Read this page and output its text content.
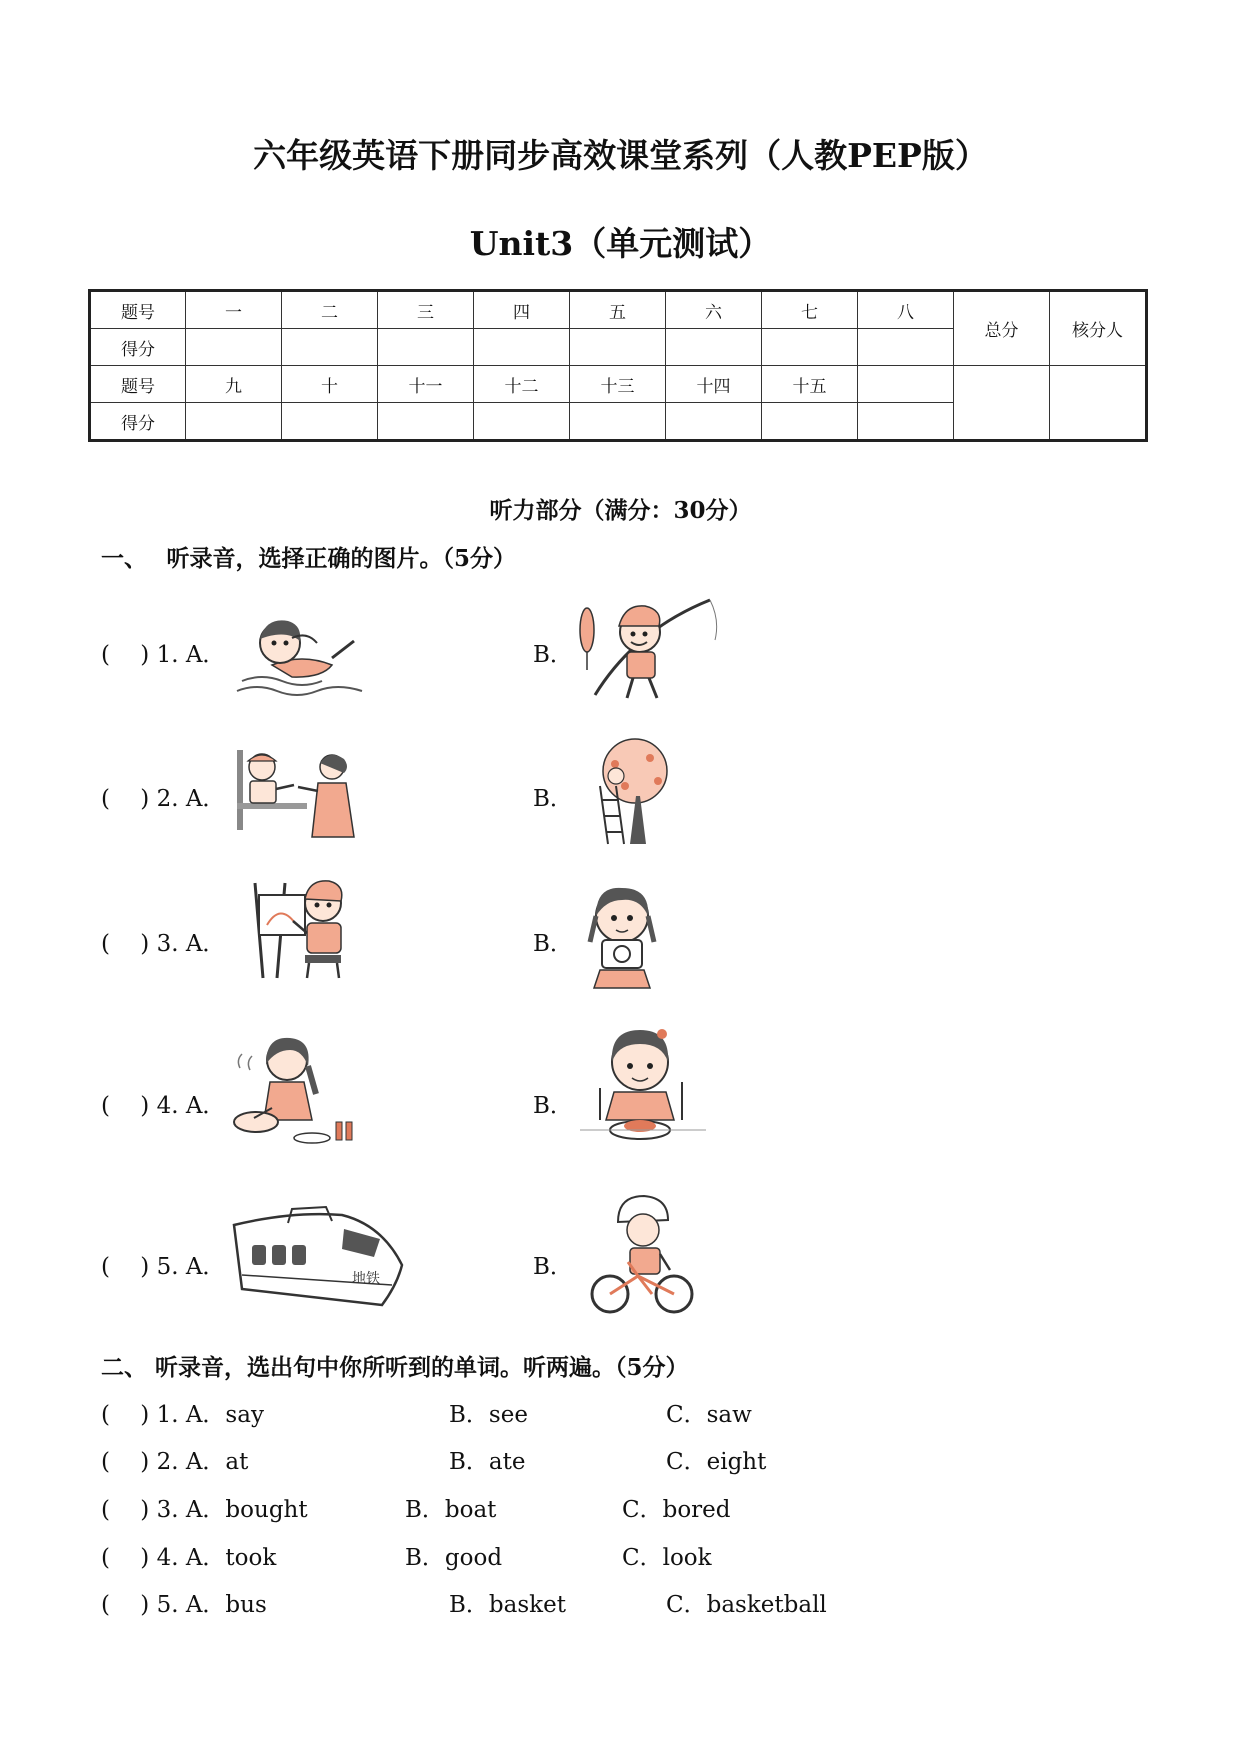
六年级英语下册同步高效课堂系列（人教PEP版）
Unit3（单元测试）
题号	一	二	三	四	五	六	七	八	总分	核分人
得分										
题号	九	十	十一	十二	十三	十四	十五			
得分										
听力部分（满分：30分）
一、　 听录音，选择正确的图片。（5分）
(　 ) 1. A．	B．
(　 ) 2. A．	B．
(　 ) 3. A．	B．
(　 ) 4. A．	B．
(　 ) 5. A．	地铁	B．
二、 听录音，选出句中你所听到的单词。听两遍。（5分）
(　 ) 1. A．say	B．see	C．saw
(　 ) 2. A．at	B．ate	C．eight
(　 ) 3. A．bought	B．boat	C．bored
(　 ) 4. A．took	B．good	C．look
(　 ) 5. A．bus	B．basket	C．basketball
